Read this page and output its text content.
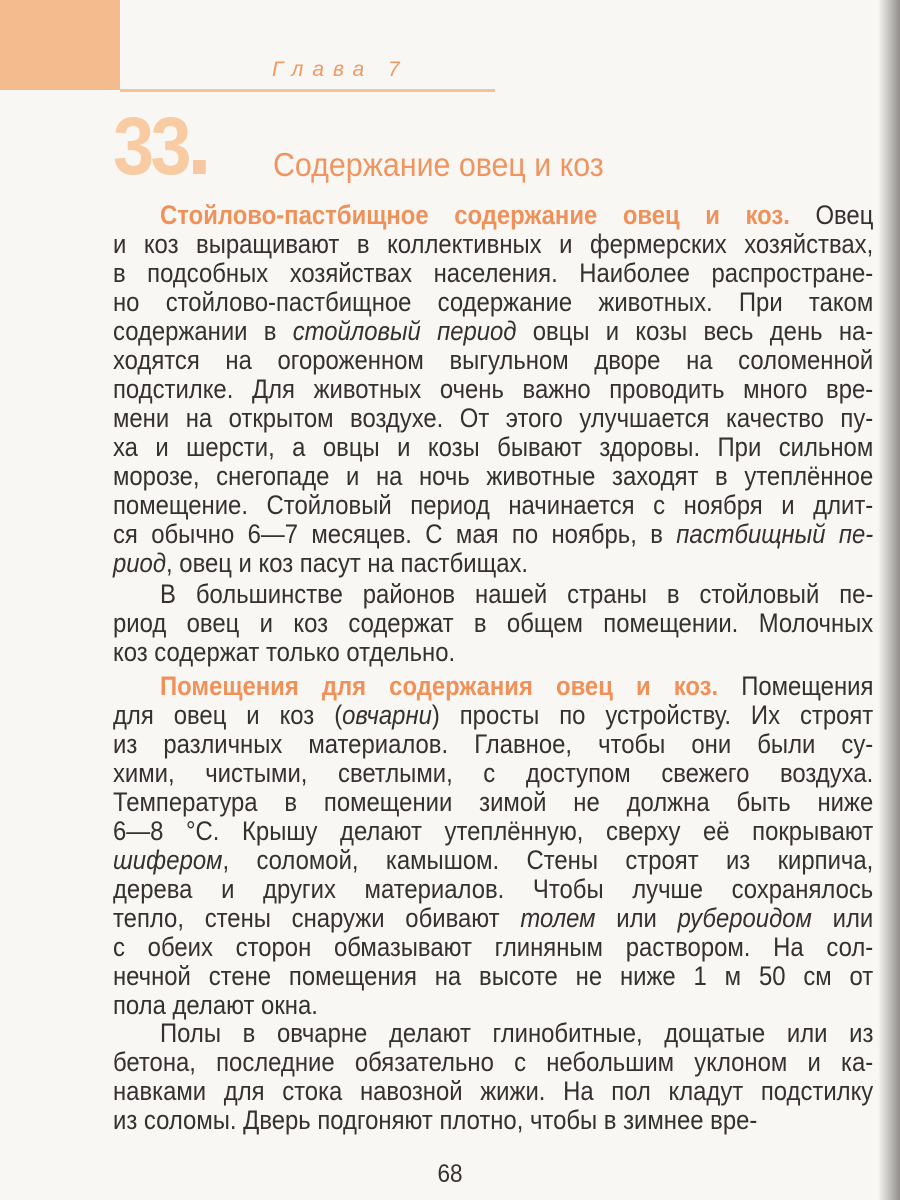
Глава 7
33	Содержание овец и коз
Стойлово-пастбищное содержание овец и коз. Овец
и коз выращивают в коллективных и фермерских хозяйствах,
в подсобных хозяйствах населения. Наиболее распростране-
но стойлово-пастбищное содержание животных. При таком
содержании в стойловый период овцы и козы весь день на-
ходятся на огороженном выгульном дворе на соломенной
подстилке. Для животных очень важно проводить много вре-
мени на открытом воздухе. От этого улучшается качество пу-
ха и шерсти, а овцы и козы бывают здоровы. При сильном
морозе, снегопаде и на ночь животные заходят в утеплённое
помещение. Стойловый период начинается с ноября и длит-
ся обычно 6—7 месяцев. С мая по ноябрь, в пастбищный пе-
риод, овец и коз пасут на пастбищах.
В большинстве районов нашей страны в стойловый пе-
риод овец и коз содержат в общем помещении. Молочных
коз содержат только отдельно.
Помещения для содержания овец и коз. Помещения
для овец и коз (овчарни) просты по устройству. Их строят
из различных материалов. Главное, чтобы они были су-
хими, чистыми, светлыми, с доступом свежего воздуха.
Температура в помещении зимой не должна быть ниже
6—8 °С. Крышу делают утеплённую, сверху её покрывают
шифером, соломой, камышом. Стены строят из кирпича,
дерева и других материалов. Чтобы лучше сохранялось
тепло, стены снаружи обивают толем или рубероидом или
с обеих сторон обмазывают глиняным раствором. На сол-
нечной стене помещения на высоте не ниже 1 м 50 см от
пола делают окна.
Полы в овчарне делают глинобитные, дощатые или из
бетона, последние обязательно с небольшим уклоном и ка-
навками для стока навозной жижи. На пол кладут подстилку
из соломы. Дверь подгоняют плотно, чтобы в зимнее вре-
68
